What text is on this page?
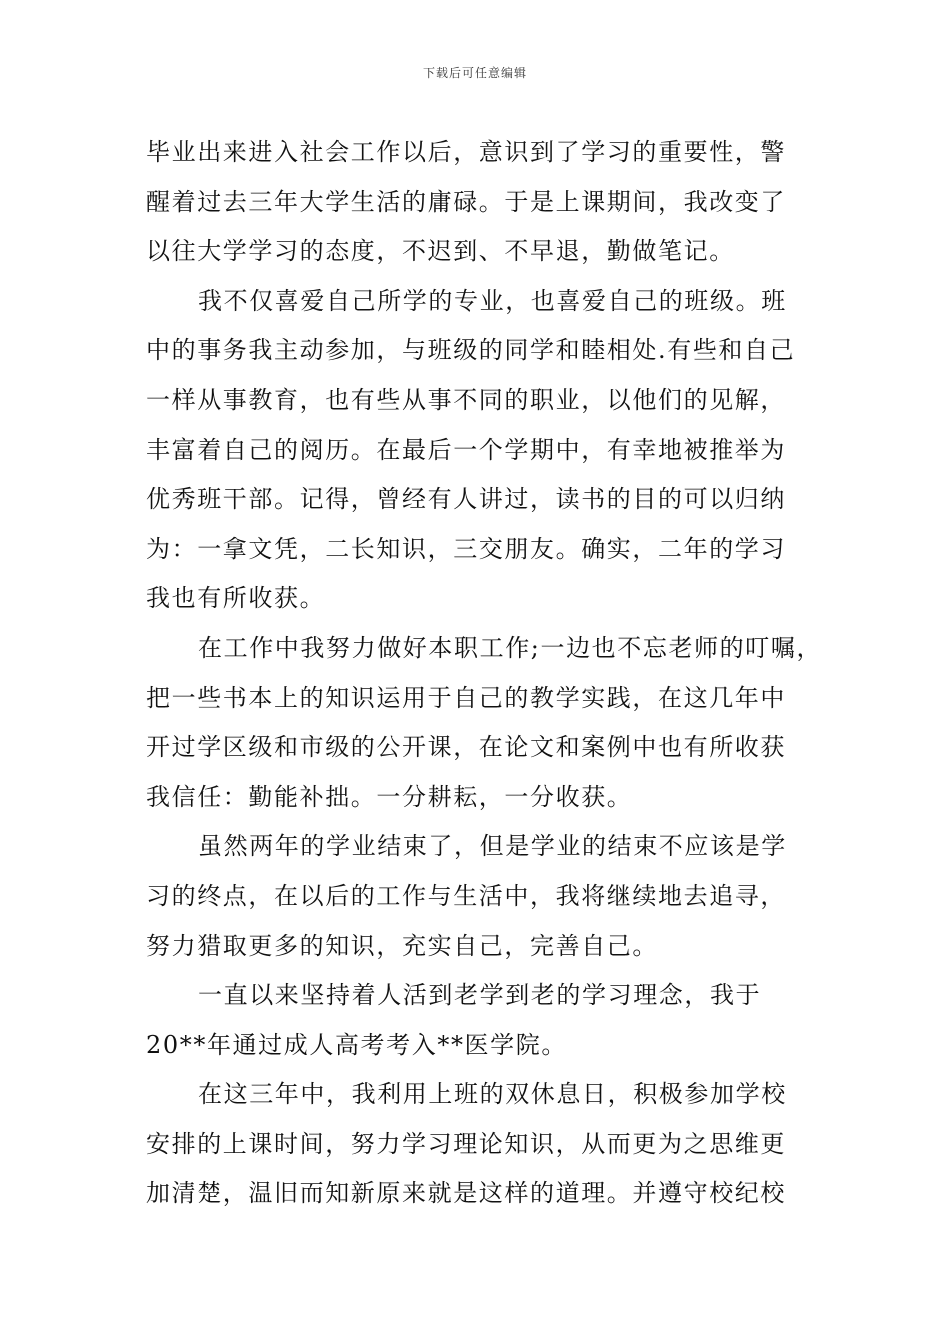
下载后可任意编辑
毕业出来进入社会工作以后，意识到了学习的重要性，警
醒着过去三年大学生活的庸碌。于是上课期间，我改变了
以往大学学习的态度，不迟到、不早退，勤做笔记。
我不仅喜爱自己所学的专业，也喜爱自己的班级。班
中的事务我主动参加，与班级的同学和睦相处.有些和自己
一样从事教育，也有些从事不同的职业，以他们的见解，
丰富着自己的阅历。在最后一个学期中，有幸地被推举为
优秀班干部。记得，曾经有人讲过，读书的目的可以归纳
为：一拿文凭，二长知识，三交朋友。确实，二年的学习
我也有所收获。
在工作中我努力做好本职工作;一边也不忘老师的叮嘱，
把一些书本上的知识运用于自己的教学实践，在这几年中
开过学区级和市级的公开课，在论文和案例中也有所收获
我信任：勤能补拙。一分耕耘，一分收获。
虽然两年的学业结束了，但是学业的结束不应该是学
习的终点，在以后的工作与生活中，我将继续地去追寻，
努力猎取更多的知识，充实自己，完善自己。
一直以来坚持着人活到老学到老的学习理念，我于
20**年通过成人高考考入**医学院。
在这三年中，我利用上班的双休息日，积极参加学校
安排的上课时间，努力学习理论知识，从而更为之思维更
加清楚，温旧而知新原来就是这样的道理。并遵守校纪校
